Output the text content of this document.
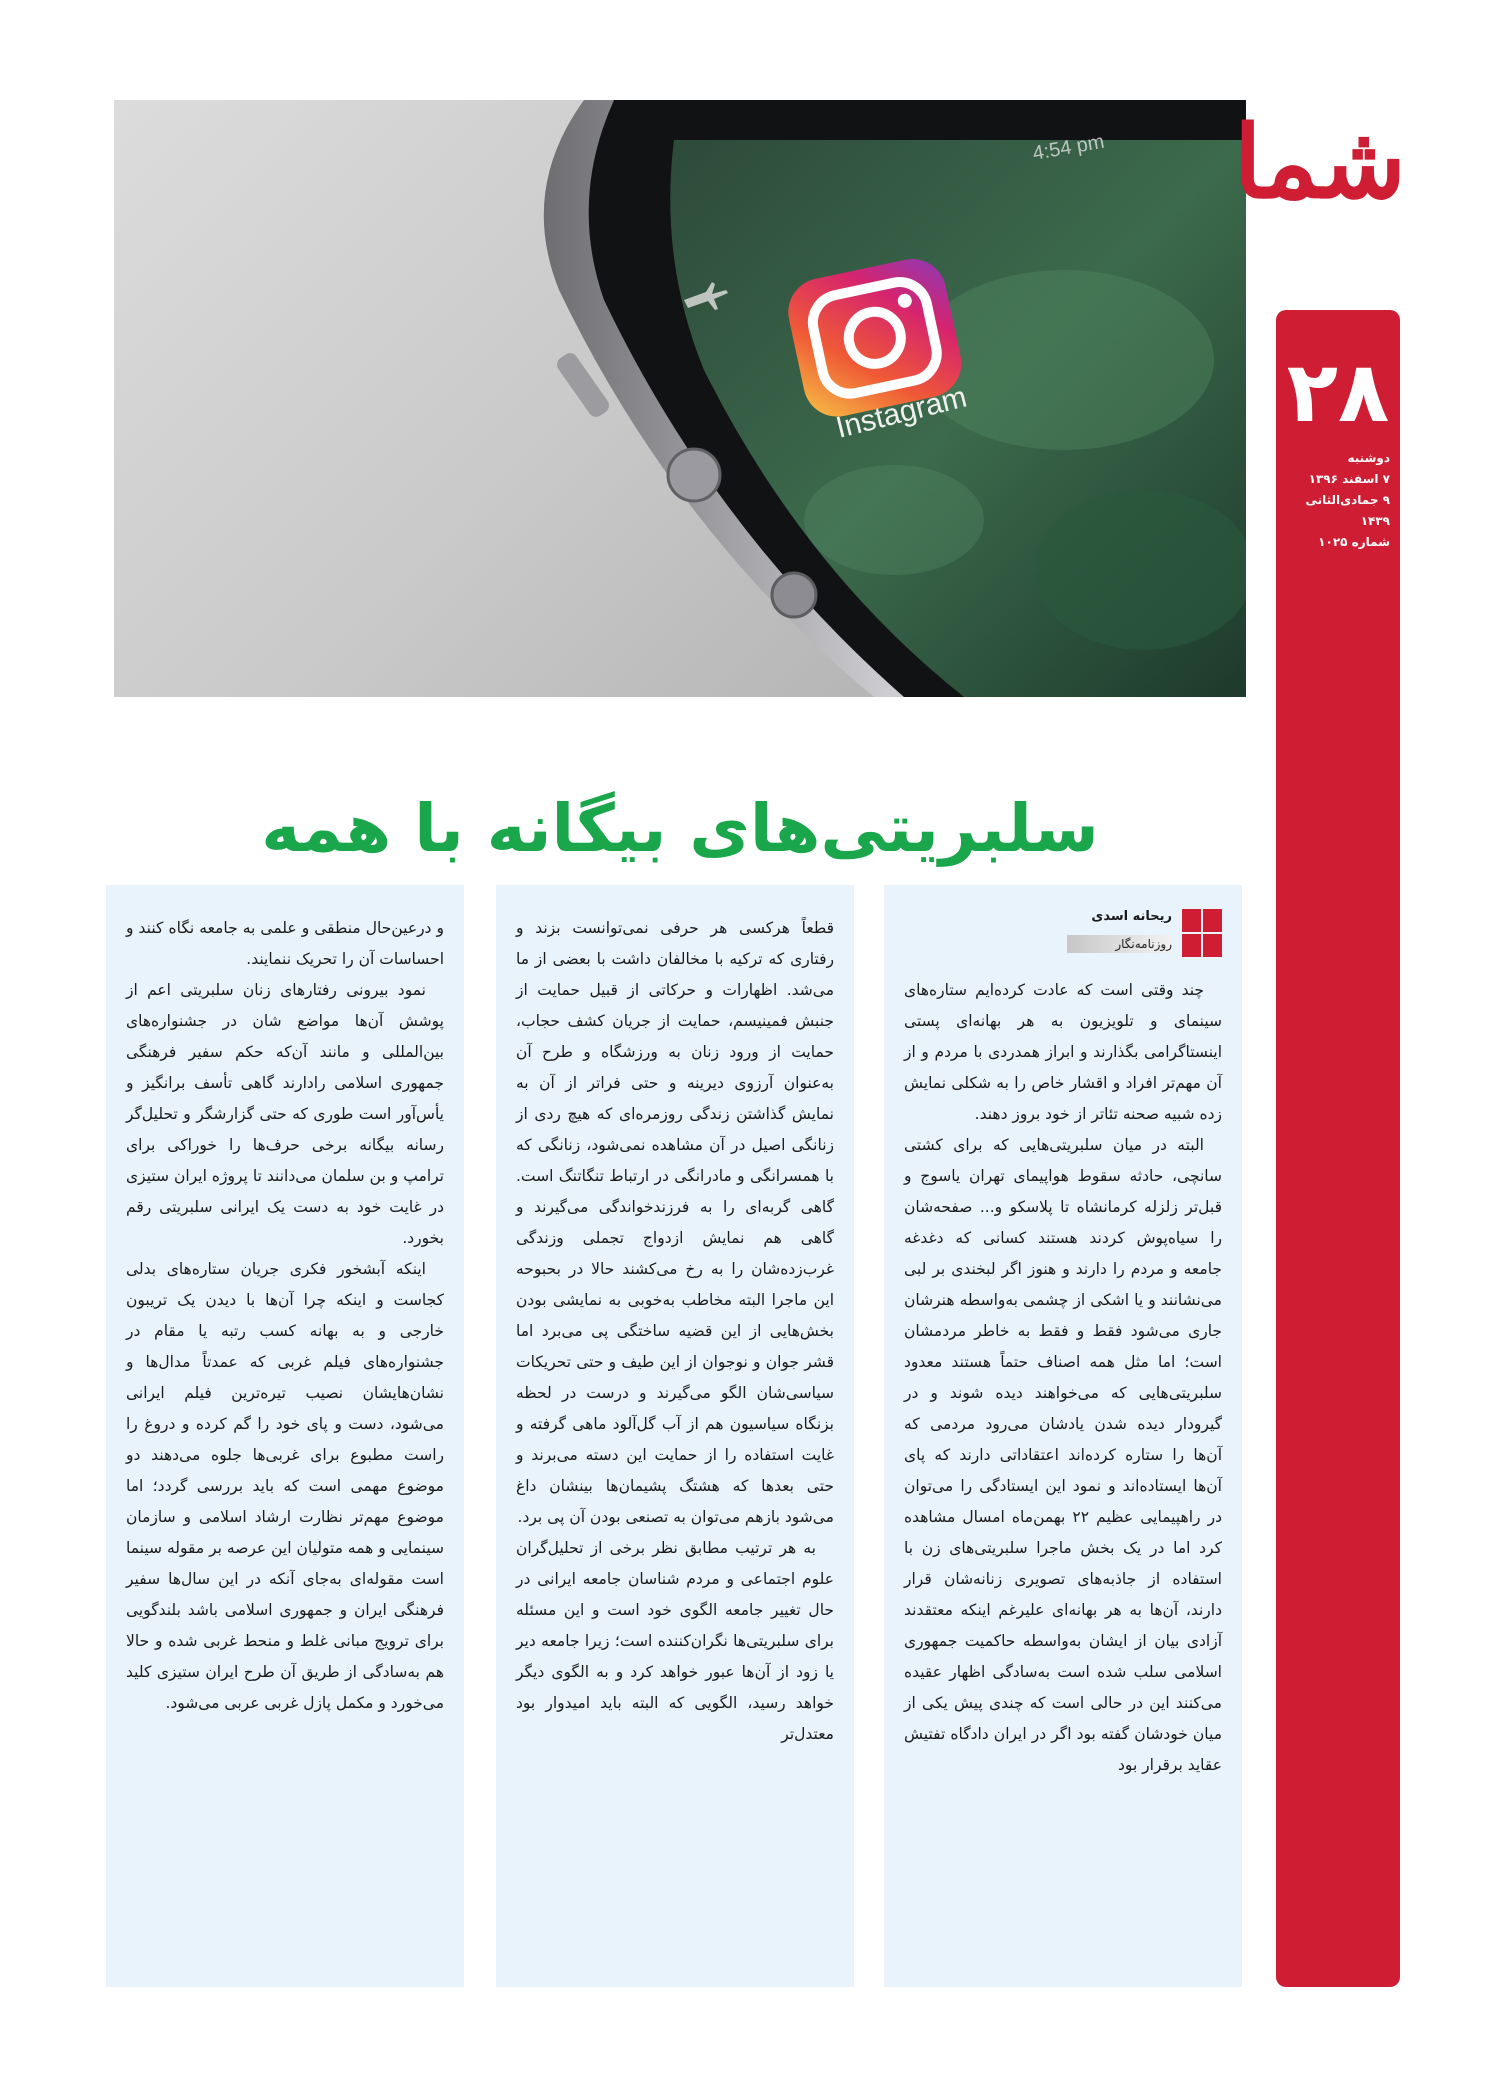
Instagram
4:54 pm شما
۲۸
دوشنبه
۷ اسفند ۱۳۹۶
۹ جمادی‌الثانی ۱۴۳۹
شماره ۱۰۲۵
سلبریتی‌های بیگانه با همه
ریحانه اسدی
روزنامه‌نگار

چند وقتی است که عادت کرده‌ایم ستاره‌های سینمای و تلویزیون به هر بهانه‌ای پستی اینستاگرامی بگذارند و ابراز همدردی با مردم و از آن مهم‌تر افراد و اقشار خاص را به شکلی نمایش زده شبیه صحنه تئاتر از خود بروز دهند.

البته در میان سلبریتی‌هایی که برای کشتی سانچی، حادثه سقوط هواپیمای تهران یاسوج و قبل‌تر زلزله کرمانشاه تا پلاسکو و... صفحه‌شان را سیاه‌پوش کردند هستند کسانی که دغدغه جامعه و مردم را دارند و هنوز اگر لبخندی بر لبی می‌نشانند و یا اشکی از چشمی به‌واسطه هنرشان جاری می‌شود فقط و فقط به خاطر مردمشان است؛ اما مثل همه اصناف حتماً هستند معدود سلبریتی‌هایی که می‌خواهند دیده شوند و در گیرودار دیده شدن یادشان می‌رود مردمی که آن‌ها را ستاره کرده‌اند اعتقاداتی دارند که پای آن‌ها ایستاده‌اند و نمود این ایستادگی را می‌توان در راهپیمایی عظیم ۲۲ بهمن‌ماه امسال مشاهده کرد اما در یک بخش ماجرا سلبریتی‌های زن با استفاده از جاذبه‌های تصویری زنانه‌شان قرار دارند، آن‌ها به هر بهانه‌ای علیرغم اینکه معتقدند آزادی بیان از ایشان به‌واسطه حاکمیت جمهوری اسلامی سلب شده است به‌سادگی اظهار عقیده می‌کنند این در حالی است که چندی پیش یکی از میان خودشان گفته بود اگر در ایران دادگاه تفتیش عقاید برقرار بود

قطعاً هرکسی هر حرفی نمی‌توانست بزند و رفتاری که ترکیه با مخالفان داشت با بعضی از ما می‌شد. اظهارات و حرکاتی از قبیل حمایت از جنبش فمینیسم، حمایت از جریان کشف حجاب، حمایت از ورود زنان به ورزشگاه و طرح آن به‌عنوان آرزوی دیرینه و حتی فراتر از آن به نمایش گذاشتن زندگی روزمره‌ای که هیچ ردی از زنانگی اصیل در آن مشاهده نمی‌شود، زنانگی که با همسرانگی و مادرانگی در ارتباط تنگاتنگ است. گاهی گربه‌ای را به فرزندخواندگی می‌گیرند و گاهی هم نمایش ازدواج تجملی وزندگی غرب‌زده‌شان را به رخ می‌کشند حالا در بحبوحه این ماجرا البته مخاطب به‌خوبی به نمایشی بودن بخش‌هایی از این قضیه ساختگی پی می‌برد اما قشر جوان و نوجوان از این طیف و حتی تحریکات سیاسی‌شان الگو می‌گیرند و درست در لحظه بزنگاه سیاسیون هم از آب گل‌آلود ماهی گرفته و غایت استفاده را از حمایت این دسته می‌برند و حتی بعدها که هشتگ پشیمان‌ها بینشان داغ می‌شود بازهم می‌توان به تصنعی بودن آن پی برد.

به هر ترتیب مطابق نظر برخی از تحلیل‌گران علوم اجتماعی و مردم شناسان جامعه ایرانی در حال تغییر جامعه الگوی خود است و این مسئله برای سلبریتی‌ها نگران‌کننده است؛ زیرا جامعه دیر یا زود از آن‌ها عبور خواهد کرد و به الگوی دیگر خواهد رسید، الگویی که البته باید امیدوار بود معتدل‌تر

و درعین‌حال منطقی و علمی به جامعه نگاه کنند و احساسات آن را تحریک ننمایند.

نمود بیرونی رفتارهای زنان سلبریتی اعم از پوشش آن‌ها مواضع شان در جشنواره‌های بین‌المللی و مانند آن‌که حکم سفیر فرهنگی جمهوری اسلامی رادارند گاهی تأسف برانگیز و یأس‌آور است طوری که حتی گزارشگر و تحلیل‌گر رسانه بیگانه برخی حرف‌ها را خوراکی برای ترامپ و بن سلمان می‌دانند تا پروژه ایران ستیزی در غایت خود به دست یک ایرانی سلبریتی رقم بخورد.

اینکه آبشخور فکری جریان ستاره‌های بدلی کجاست و اینکه چرا آن‌ها با دیدن یک تریبون خارجی و به بهانه کسب رتبه یا مقام در جشنواره‌های فیلم غربی که عمدتاً مدال‌ها و نشان‌هایشان نصیب تیره‌ترین فیلم ایرانی می‌شود، دست و پای خود را گم کرده و دروغ را راست مطبوع برای غربی‌ها جلوه می‌دهند دو موضوع مهمی است که باید بررسی گردد؛ اما موضوع مهم‌تر نظارت ارشاد اسلامی و سازمان سینمایی و همه متولیان این عرصه بر مقوله سینما است مقوله‌ای به‌جای آنکه در این سال‌ها سفیر فرهنگی ایران و جمهوری اسلامی باشد بلندگویی برای ترویج مبانی غلط و منحط غربی شده و حالا هم به‌سادگی از طریق آن طرح ایران ستیزی کلید می‌خورد و مکمل پازل غربی عربی می‌شود.
